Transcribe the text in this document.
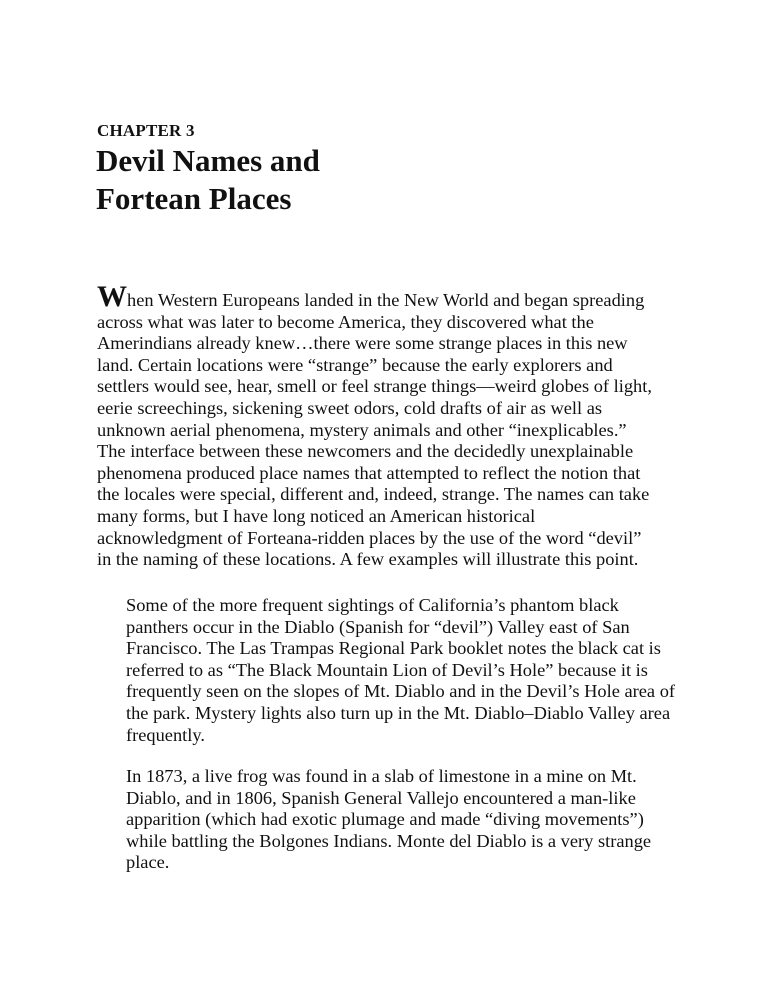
CHAPTER 3
Devil Names and
Fortean Places

When Western Europeans landed in the New World and began spreading
across what was later to become America, they discovered what the
Amerindians already knew…there were some strange places in this new
land. Certain locations were “strange” because the early explorers and
settlers would see, hear, smell or feel strange things—weird globes of light,
eerie screechings, sickening sweet odors, cold drafts of air as well as
unknown aerial phenomena, mystery animals and other “inexplicables.”
The interface between these newcomers and the decidedly unexplainable
phenomena produced place names that attempted to reflect the notion that
the locales were special, different and, indeed, strange. The names can take
many forms, but I have long noticed an American historical
acknowledgment of Forteana-ridden places by the use of the word “devil”
in the naming of these locations. A few examples will illustrate this point.

Some of the more frequent sightings of California’s phantom black
panthers occur in the Diablo (Spanish for “devil”) Valley east of San
Francisco. The Las Trampas Regional Park booklet notes the black cat is
referred to as “The Black Mountain Lion of Devil’s Hole” because it is
frequently seen on the slopes of Mt. Diablo and in the Devil’s Hole area of
the park. Mystery lights also turn up in the Mt. Diablo–Diablo Valley area
frequently.

In 1873, a live frog was found in a slab of limestone in a mine on Mt.
Diablo, and in 1806, Spanish General Vallejo encountered a man-like
apparition (which had exotic plumage and made “diving movements”)
while battling the Bolgones Indians. Monte del Diablo is a very strange
place.
